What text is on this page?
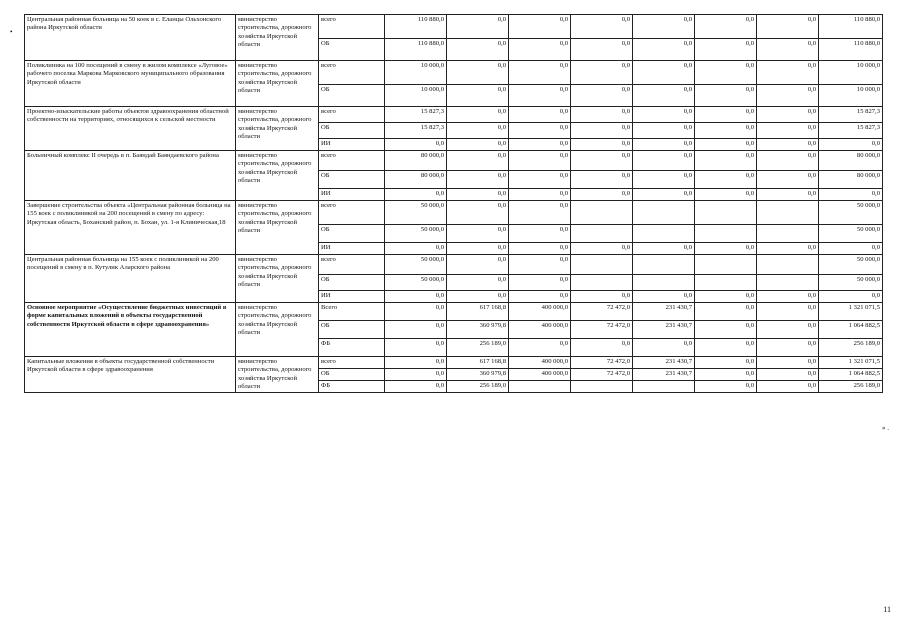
•
» .
Центральная районная больница на 50 коек в с. Еланцы Ольхонского района Иркутской области	министерство строительства, дорожного хозяйства Иркутской области	всего	110 880,0	0,0	0,0	0,0	0,0	0,0	0,0	110 880,0
		ОБ	110 880,0	0,0	0,0	0,0	0,0	0,0	0,0	110 880,0
Поликлиника на 100 посещений в смену в жилом комплексе «Луговое» рабочего поселка Маркова Марковского муниципального образования Иркутской области	министерство строительства, дорожного хозяйства Иркутской области	всего	10 000,0	0,0	0,0	0,0	0,0	0,0	0,0	10 000,0
		ОБ	10 000,0	0,0	0,0	0,0	0,0	0,0	0,0	10 000,0
Проектно-изыскательские работы объектов здравоохранения областной собственности на территориях, относящихся к сельской местности	министерство строительства, дорожного хозяйства Иркутской области	всего	15 827,3	0,0	0,0	0,0	0,0	0,0	0,0	15 827,3
		ОБ	15 827,3	0,0	0,0	0,0	0,0	0,0	0,0	15 827,3
		ИИ	0,0	0,0	0,0	0,0	0,0	0,0	0,0	0,0
Больничный комплекс II очередь в п. Баяндай Баяндаевского района	министерство строительства, дорожного хозяйства Иркутской области	всего	80 000,0	0,0	0,0	0,0	0,0	0,0	0,0	80 000,0
		ОБ	80 000,0	0,0	0,0	0,0	0,0	0,0	0,0	80 000,0
		ИИ	0,0	0,0	0,0	0,0	0,0	0,0	0,0	0,0
Завершение строительства объекта «Центральная районная больница на 155 коек с поликлиникой на 200 посещений в смену по адресу: Иркутская область, Боханский район, п. Бохан, ул. 1-я Клиническая,18	министерство строительства, дорожного хозяйства Иркутской области	всего	50 000,0	0,0	0,0					50 000,0
		ОБ	50 000,0	0,0	0,0					50 000,0
		ИИ	0,0	0,0	0,0	0,0	0,0	0,0	0,0	0,0
Центральная районная больница на 155 коек с поликлиникой на 200 посещений в смену в п. Кутулик Аларского района	министерство строительства, дорожного хозяйства Иркутской области	всего	50 000,0	0,0	0,0					50 000,0
		ОБ	50 000,0	0,0	0,0					50 000,0
		ИИ	0,0	0,0	0,0	0,0	0,0	0,0	0,0	0,0
Основное мероприятие «Осуществление бюджетных инвестиций в форме капитальных вложений в объекты государственной собственности Иркутской области в сфере здравоохранения»	министерство строительства, дорожного хозяйства Иркутской области	Всего	0,0	617 168,8	400 000,0	72 472,0	231 430,7	0,0	0,0	1 321 071,5
		ОБ	0,0	360 979,8	400 000,0	72 472,0	231 430,7	0,0	0,0	1 064 882,5
		ФБ	0,0	256 189,0	0,0	0,0	0,0	0,0	0,0	256 189,0
Капитальные вложения в объекты государственной собственности Иркутской области в сфере здравоохранения	министерство строительства, дорожного хозяйства Иркутской области	всего	0,0	617 168,8	400 000,0	72 472,0	231 430,7	0,0	0,0	1 321 071,5
		ОБ	0,0	360 979,8	400 000,0	72 472,0	231 430,7	0,0	0,0	1 064 882,5
		ФБ	0,0	256 189,0				0,0	0,0	256 189,0
11
